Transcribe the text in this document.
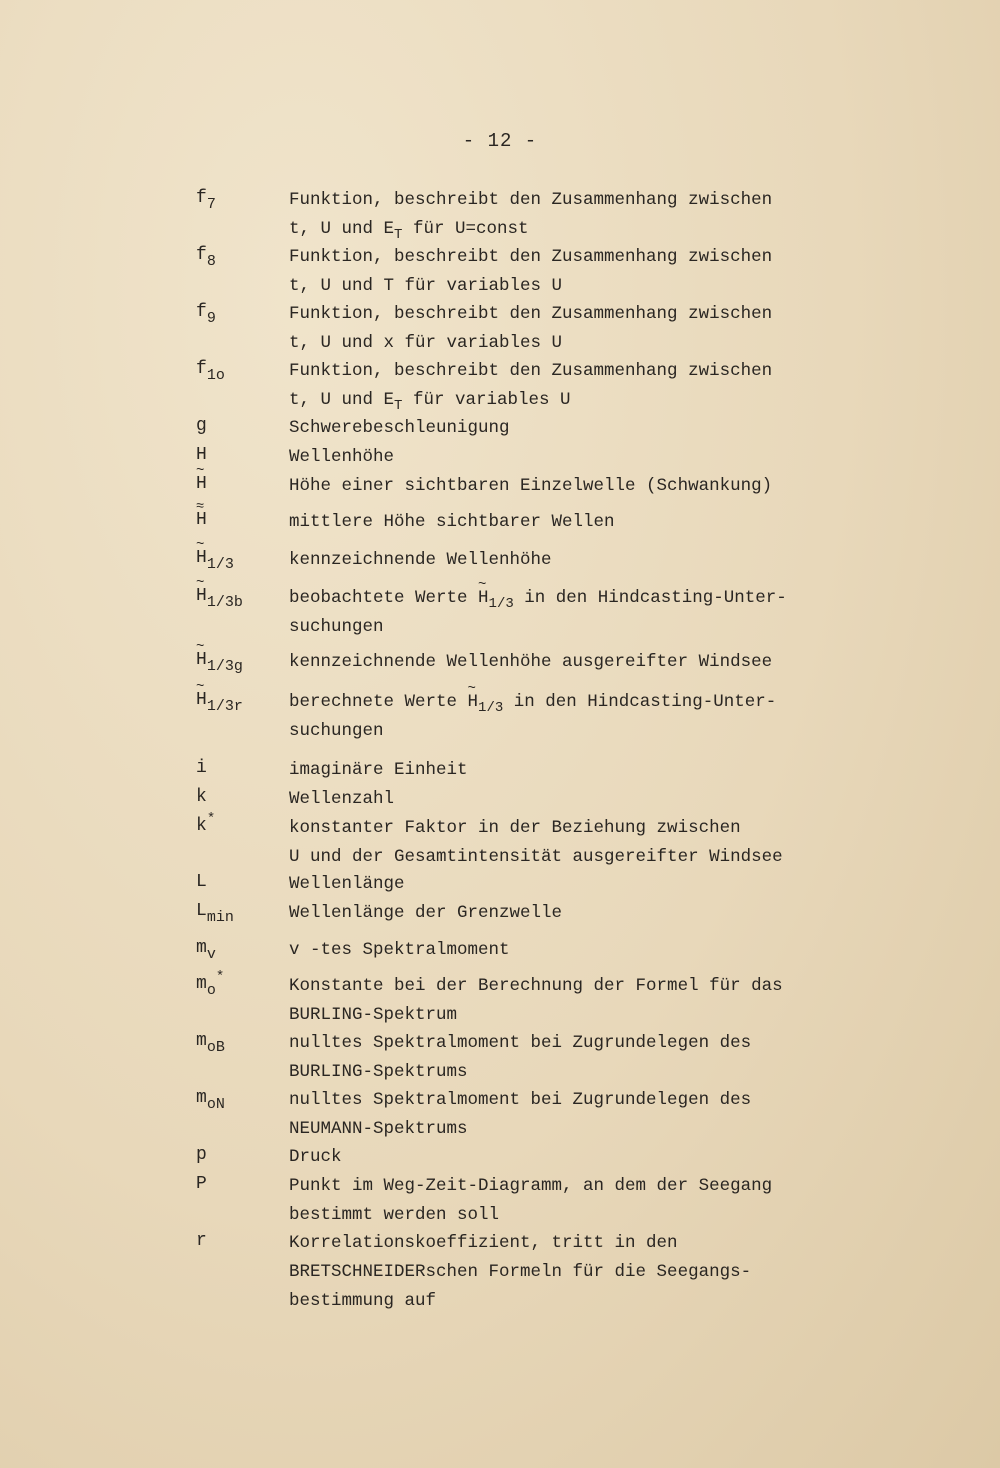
- 12 -
$f_7$	Funktion, beschreibt den Zusammenhang zwischen
t, U und $E_T$ für U=const
$f_8$	Funktion, beschreibt den Zusammenhang zwischen
t, U und T für variables U
$f_9$	Funktion, beschreibt den Zusammenhang zwischen
t, U und x für variables U
$f_{1o}$	Funktion, beschreibt den Zusammenhang zwischen
t, U und $E_T$ für variables U
g	Schwerebeschleunigung
H	Wellenhöhe
~ H	Höhe einer sichtbaren Einzelwelle (Schwankung)
≈ H	mittlere Höhe sichtbarer Wellen
~ $H_{1/3}$	kennzeichnende Wellenhöhe
~ $H_{1/3b}$	beobachtete Werte ~ $H_{1/3}$ in den Hindcasting-Unter-
suchungen
~ $H_{1/3g}$	kennzeichnende Wellenhöhe ausgereifter Windsee
~ $H_{1/3r}$	berechnete Werte ~ $H_{1/3}$ in den Hindcasting-Unter-
suchungen
i	imaginäre Einheit
k	Wellenzahl
k*	konstanter Faktor in der Beziehung zwischen
U und der Gesamtintensität ausgereifter Windsee
L	Wellenlänge
$L_{min}$	Wellenlänge der Grenzwelle
$m_v$	v -tes Spektralmoment
$m_o^*$	Konstante bei der Berechnung der Formel für das
BURLING-Spektrum
$m_{oB}$	nulltes Spektralmoment bei Zugrundelegen des
BURLING-Spektrums
$m_{oN}$	nulltes Spektralmoment bei Zugrundelegen des
NEUMANN-Spektrums
p	Druck
P	Punkt im Weg-Zeit-Diagramm, an dem der Seegang
bestimmt werden soll
r	Korrelationskoeffizient, tritt in den
BRETSCHNEIDERschen Formeln für die Seegangs-
bestimmung auf
